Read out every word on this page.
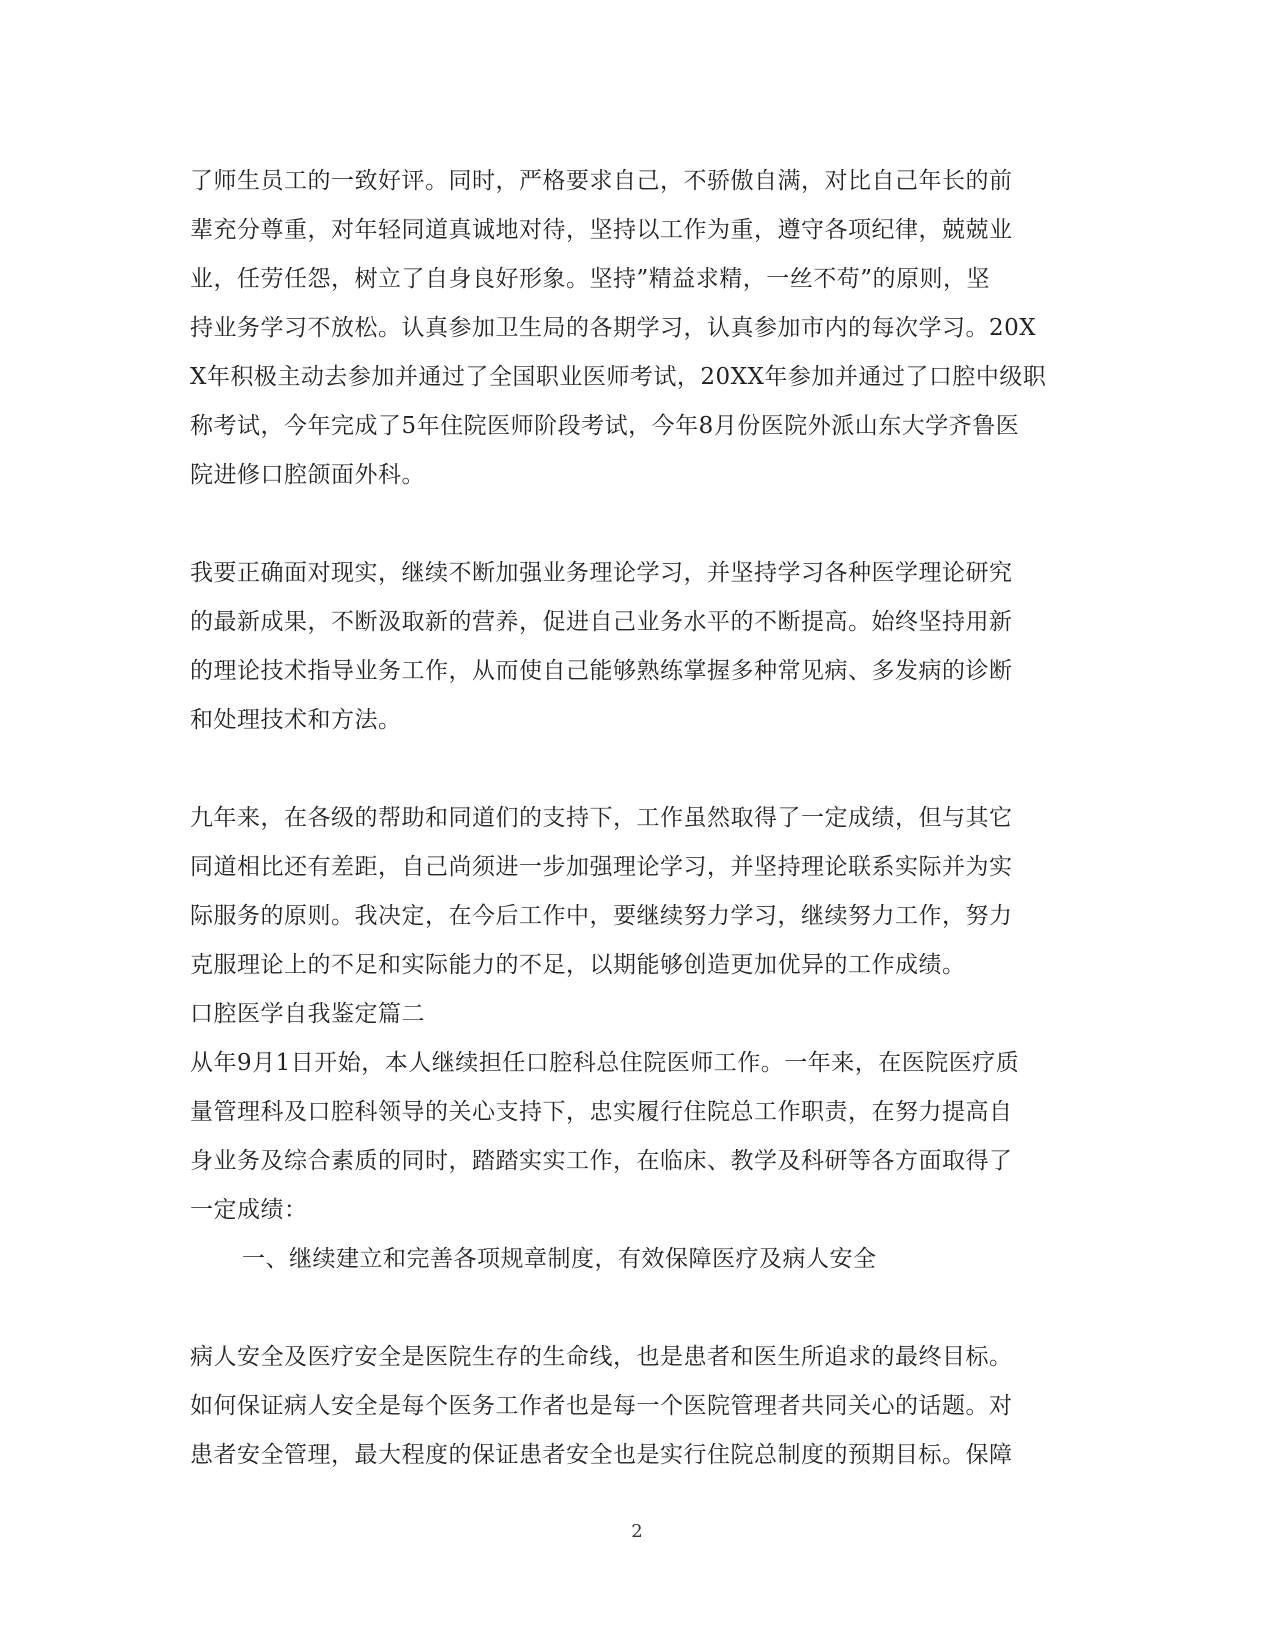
了师生员工的一致好评。同时，严格要求自己，不骄傲自满，对比自己年长的前
辈充分尊重，对年轻同道真诚地对待，坚持以工作为重，遵守各项纪律，兢兢业
业，任劳任怨，树立了自身良好形象。坚持”精益求精，一丝不苟”的原则，坚
持业务学习不放松。认真参加卫生局的各期学习，认真参加市内的每次学习。20X
X年积极主动去参加并通过了全国职业医师考试，20XX年参加并通过了口腔中级职
称考试，今年完成了5年住院医师阶段考试，今年8月份医院外派山东大学齐鲁医
院进修口腔颌面外科。
我要正确面对现实，继续不断加强业务理论学习，并坚持学习各种医学理论研究
的最新成果，不断汲取新的营养，促进自己业务水平的不断提高。始终坚持用新
的理论技术指导业务工作，从而使自己能够熟练掌握多种常见病、多发病的诊断
和处理技术和方法。
九年来，在各级的帮助和同道们的支持下，工作虽然取得了一定成绩，但与其它
同道相比还有差距，自己尚须进一步加强理论学习，并坚持理论联系实际并为实
际服务的原则。我决定，在今后工作中，要继续努力学习，继续努力工作，努力
克服理论上的不足和实际能力的不足，以期能够创造更加优异的工作成绩。
口腔医学自我鉴定篇二
从年9月1日开始，本人继续担任口腔科总住院医师工作。一年来，在医院医疗质
量管理科及口腔科领导的关心支持下，忠实履行住院总工作职责，在努力提高自
身业务及综合素质的同时，踏踏实实工作，在临床、教学及科研等各方面取得了
一定成绩：
一、继续建立和完善各项规章制度，有效保障医疗及病人安全
病人安全及医疗安全是医院生存的生命线，也是患者和医生所追求的最终目标。
如何保证病人安全是每个医务工作者也是每一个医院管理者共同关心的话题。对
患者安全管理，最大程度的保证患者安全也是实行住院总制度的预期目标。保障
2
